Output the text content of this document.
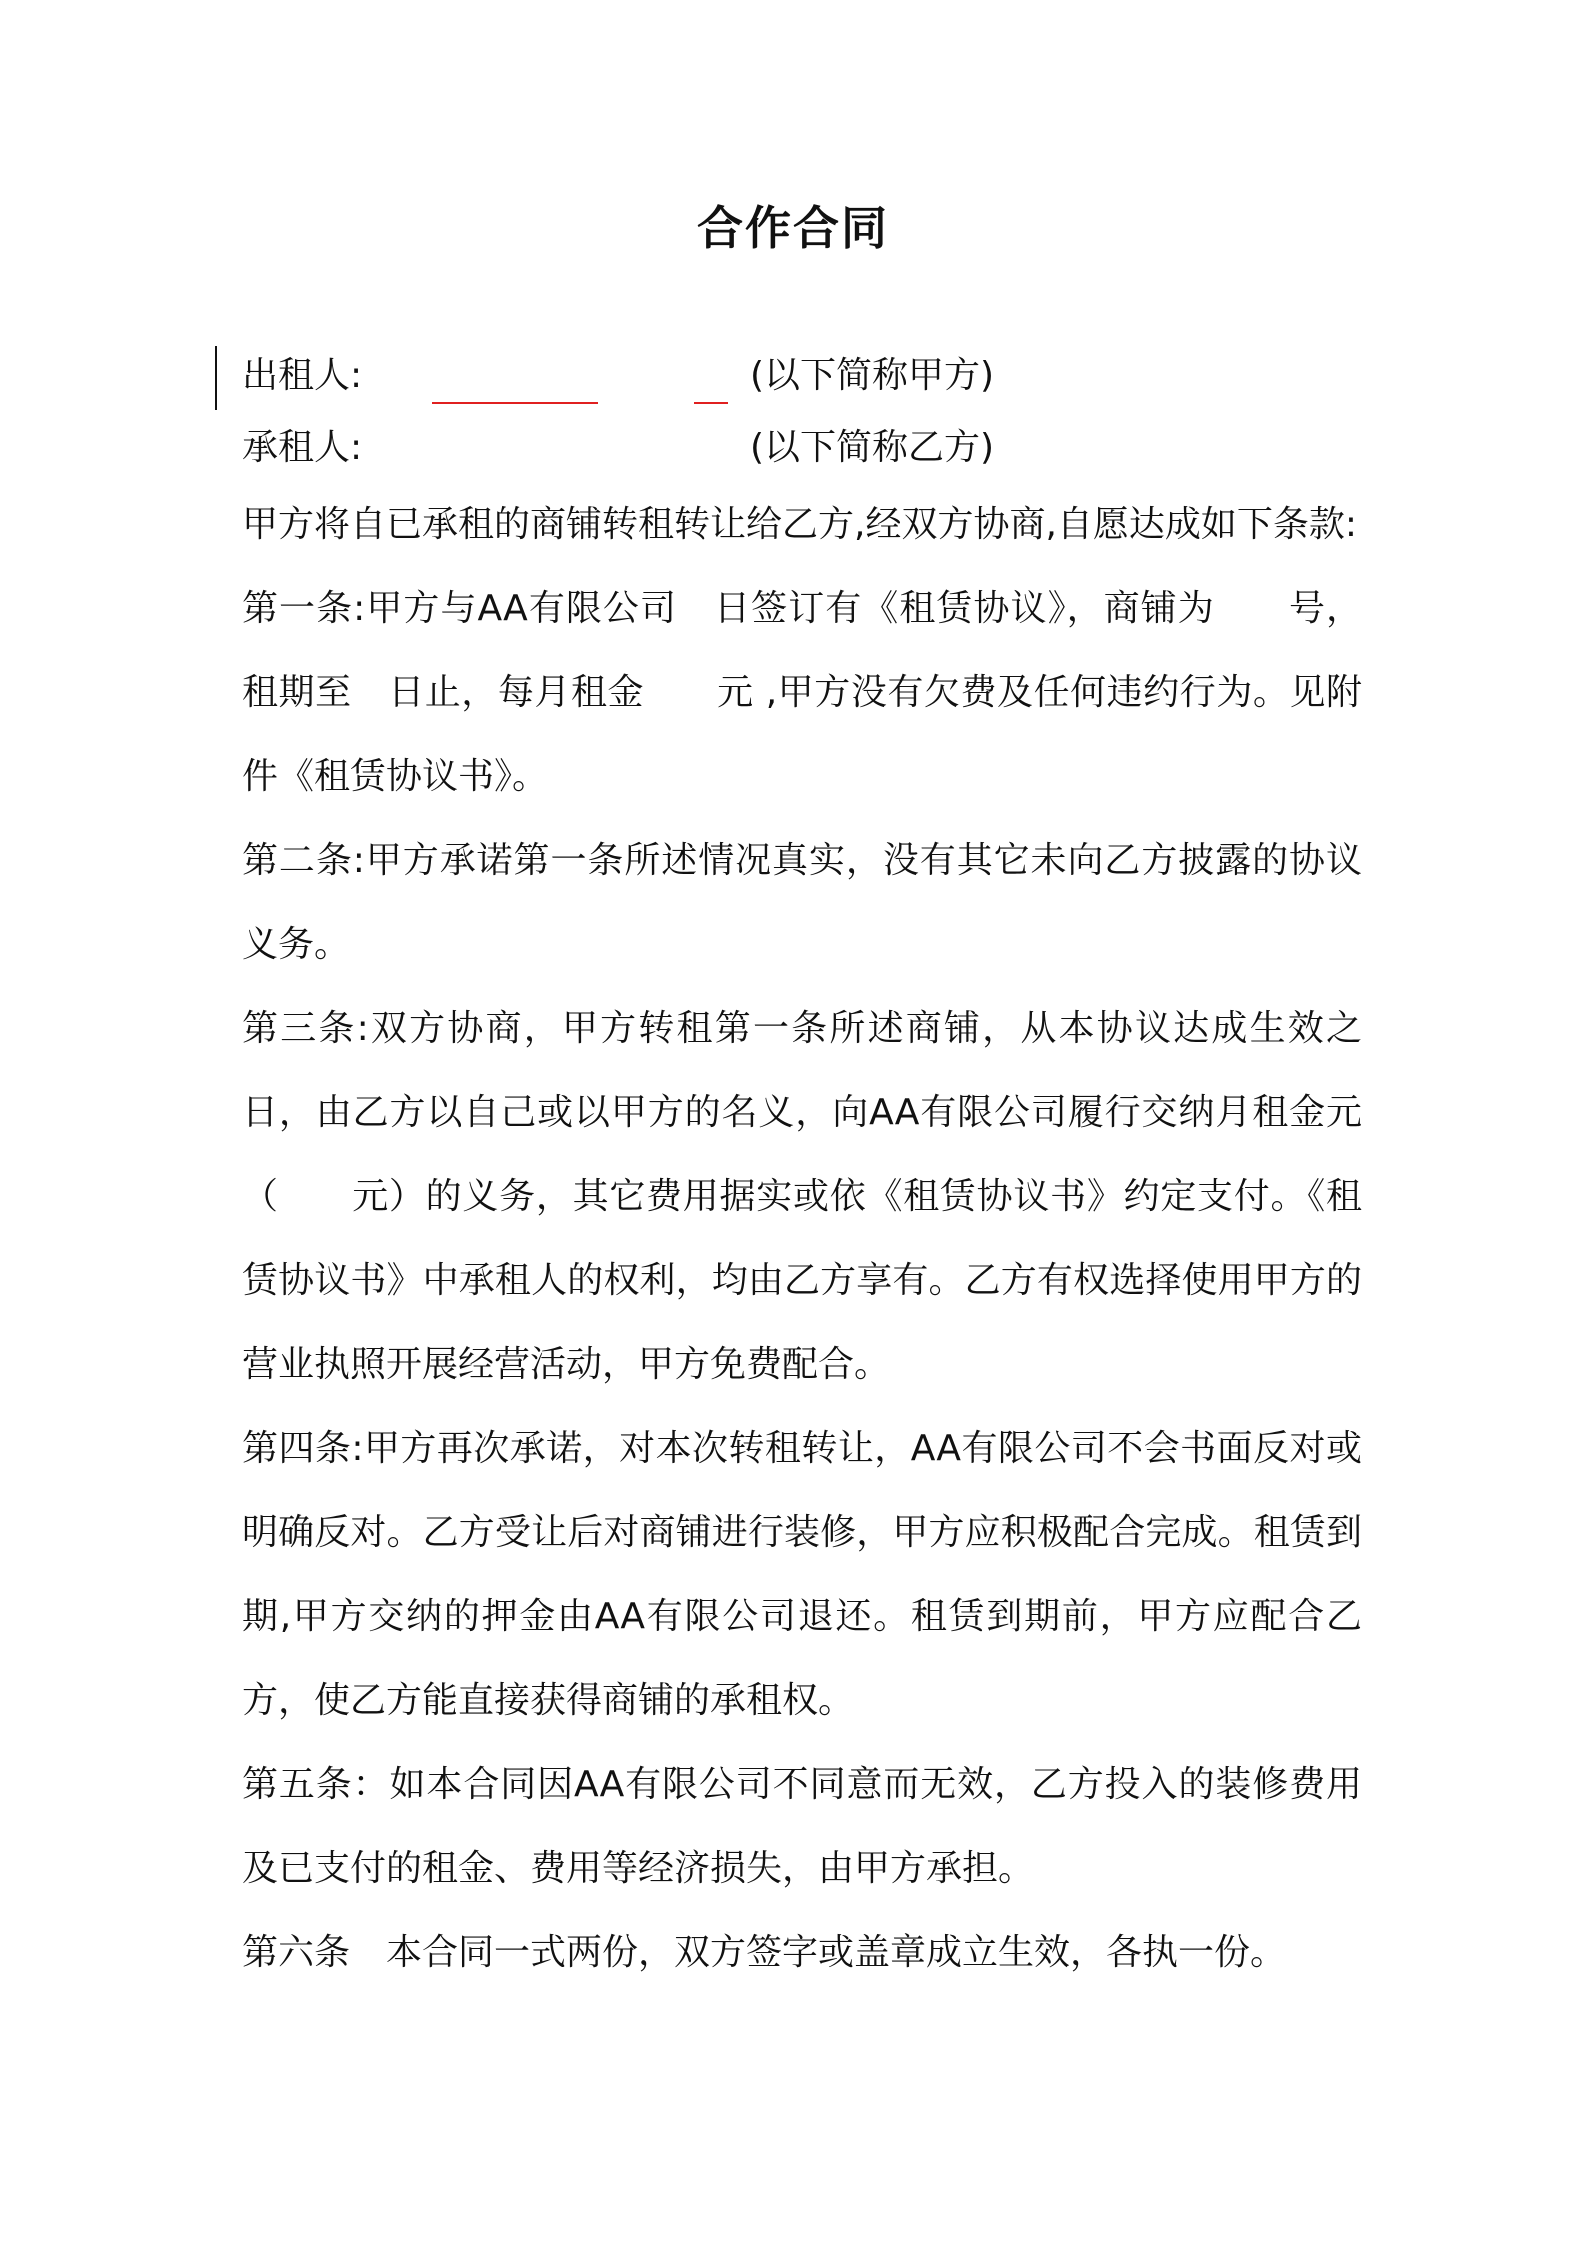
合作合同
出租人:	(以下简称甲方)
承租人:	(以下简称乙方)

甲方将自已承租的商铺转租转让给乙方,经双方协商,自愿达成如下条款:

第一条:甲方与AA有限公司　日签订有《租赁协议》，商铺为　　号，租期至　日止，每月租金　　元 ,甲方没有欠费及任何违约行为。见附件《租赁协议书》。

第二条:甲方承诺第一条所述情况真实，没有其它未向乙方披露的协议义务。

第三条:双方协商，甲方转租第一条所述商铺，从本协议达成生效之日，由乙方以自己或以甲方的名义，向AA有限公司履行交纳月租金元（　　元）的义务，其它费用据实或依《租赁协议书》约定支付。《租赁协议书》中承租人的权利，均由乙方享有。乙方有权选择使用甲方的营业执照开展经营活动，甲方免费配合。

第四条:甲方再次承诺，对本次转租转让，AA有限公司不会书面反对或明确反对。乙方受让后对商铺进行装修，甲方应积极配合完成。租赁到期,甲方交纳的押金由AA有限公司退还。租赁到期前，甲方应配合乙方，使乙方能直接获得商铺的承租权。

第五条：如本合同因AA有限公司不同意而无效，乙方投入的装修费用及已支付的租金、费用等经济损失，由甲方承担。

第六条　本合同一式两份，双方签字或盖章成立生效，各执一份。
